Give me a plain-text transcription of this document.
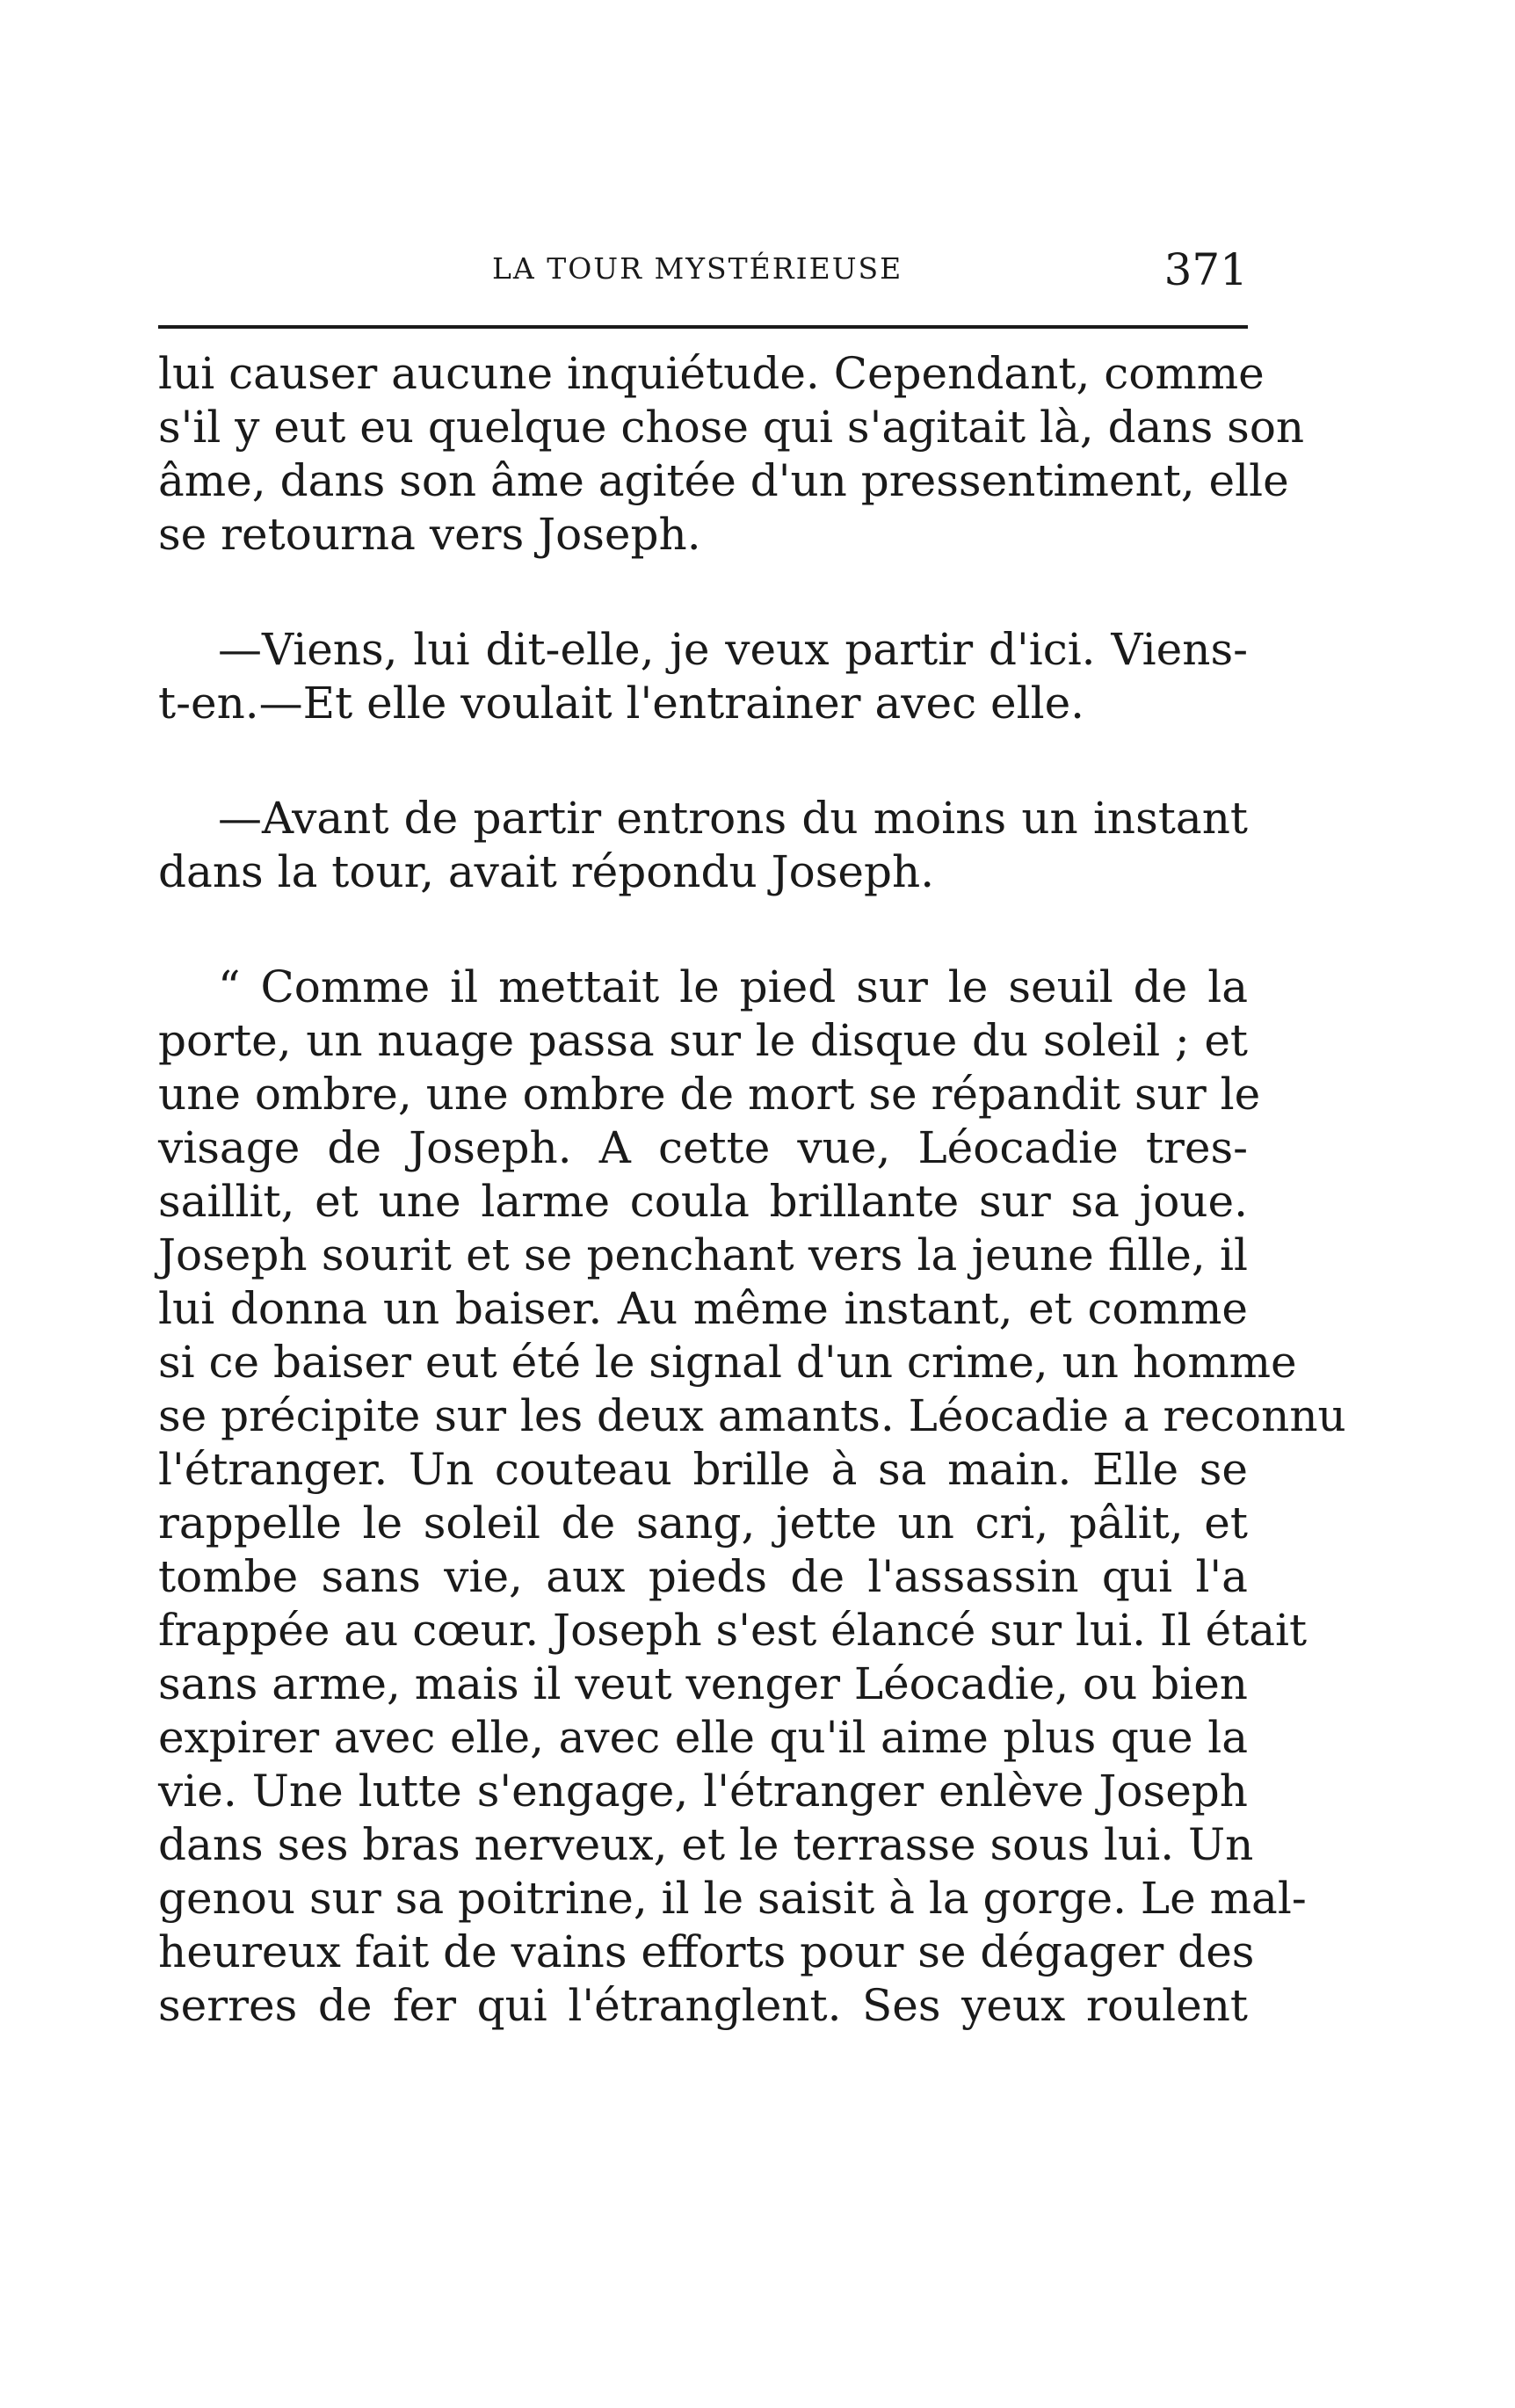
LA TOUR MYSTÉRIEUSE	371
lui causer aucune inquiétude. Cependant, comme
s'il y eut eu quelque chose qui s'agitait là, dans son
âme, dans son âme agitée d'un pressentiment, elle
se retourna vers Joseph.
—Viens, lui dit-elle, je veux partir d'ici. Viens-
t-en.—Et elle voulait l'entrainer avec elle.
—Avant de partir entrons du moins un instant
dans la tour, avait répondu Joseph.
“ Comme il mettait le pied sur le seuil de la
porte, un nuage passa sur le disque du soleil ; et
une ombre, une ombre de mort se répandit sur le
visage de Joseph. A cette vue, Léocadie tres-
saillit, et une larme coula brillante sur sa joue.
Joseph sourit et se penchant vers la jeune fille, il
lui donna un baiser. Au même instant, et comme
si ce baiser eut été le signal d'un crime, un homme
se précipite sur les deux amants. Léocadie a reconnu
l'étranger. Un couteau brille à sa main. Elle se
rappelle le soleil de sang, jette un cri, pâlit, et
tombe sans vie, aux pieds de l'assassin qui l'a
frappée au cœur. Joseph s'est élancé sur lui. Il était
sans arme, mais il veut venger Léocadie, ou bien
expirer avec elle, avec elle qu'il aime plus que la
vie. Une lutte s'engage, l'étranger enlève Joseph
dans ses bras nerveux, et le terrasse sous lui. Un
genou sur sa poitrine, il le saisit à la gorge. Le mal-
heureux fait de vains efforts pour se dégager des
serres de fer qui l'étranglent. Ses yeux roulent
